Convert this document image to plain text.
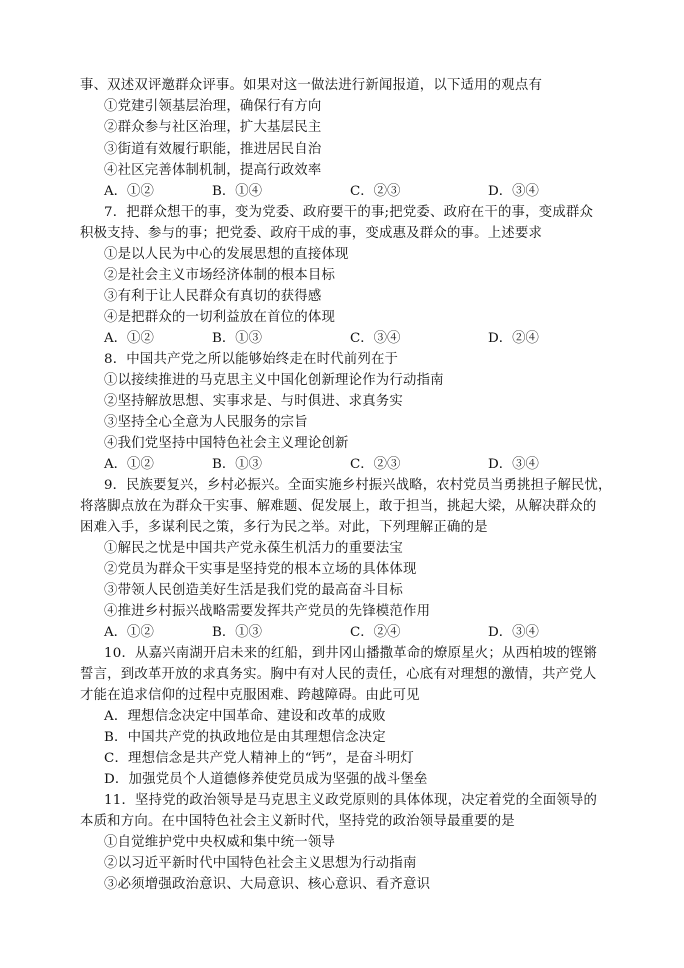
事、双述双评邀群众评事。如果对这一做法进行新闻报道，以下适用的观点有
①党建引领基层治理，确保行有方向
②群众参与社区治理，扩大基层民主
③街道有效履行职能，推进居民自治
④社区完善体制机制，提高行政效率
A．①②	B．①④	C．②③	D．③④
7．把群众想干的事，变为党委、政府要干的事;把党委、政府在干的事，变成群众
积极支持、参与的事；把党委、政府干成的事，变成惠及群众的事。上述要求
①是以人民为中心的发展思想的直接体现
②是社会主义市场经济体制的根本目标
③有利于让人民群众有真切的获得感
④是把群众的一切利益放在首位的体现
A．①②	B．①③	C．③④	D．②④
8．中国共产党之所以能够始终走在时代前列在于
①以接续推进的马克思主义中国化创新理论作为行动指南
②坚持解放思想、实事求是、与时俱进、求真务实
③坚持全心全意为人民服务的宗旨
④我们党坚持中国特色社会主义理论创新
A．①②	B．①③	C．②③	D．③④
9．民族要复兴，乡村必振兴。全面实施乡村振兴战略，农村党员当勇挑担子解民忧，
将落脚点放在为群众干实事、解难题、促发展上，敢于担当，挑起大梁，从解决群众的
困难入手，多谋利民之策，多行为民之举。对此，下列理解正确的是
①解民之忧是中国共产党永葆生机活力的重要法宝
②党员为群众干实事是坚持党的根本立场的具体体现
③带领人民创造美好生活是我们党的最高奋斗目标
④推进乡村振兴战略需要发挥共产党员的先锋模范作用
A．①②	B．①③	C．②④	D．③④
10．从嘉兴南湖开启未来的红船，到井冈山播撒革命的燎原星火；从西柏坡的铿锵
誓言，到改革开放的求真务实。胸中有对人民的责任，心底有对理想的激情，共产党人
才能在追求信仰的过程中克服困难、跨越障碍。由此可见
A．理想信念决定中国革命、建设和改革的成败
B．中国共产党的执政地位是由其理想信念决定
C．理想信念是共产党人精神上的“钙”，是奋斗明灯
D．加强党员个人道德修养使党员成为坚强的战斗堡垒
11．坚持党的政治领导是马克思主义政党原则的具体体现，决定着党的全面领导的
本质和方向。在中国特色社会主义新时代，坚持党的政治领导最重要的是
①自觉维护党中央权威和集中统一领导
②以习近平新时代中国特色社会主义思想为行动指南
③必须增强政治意识、大局意识、核心意识、看齐意识
